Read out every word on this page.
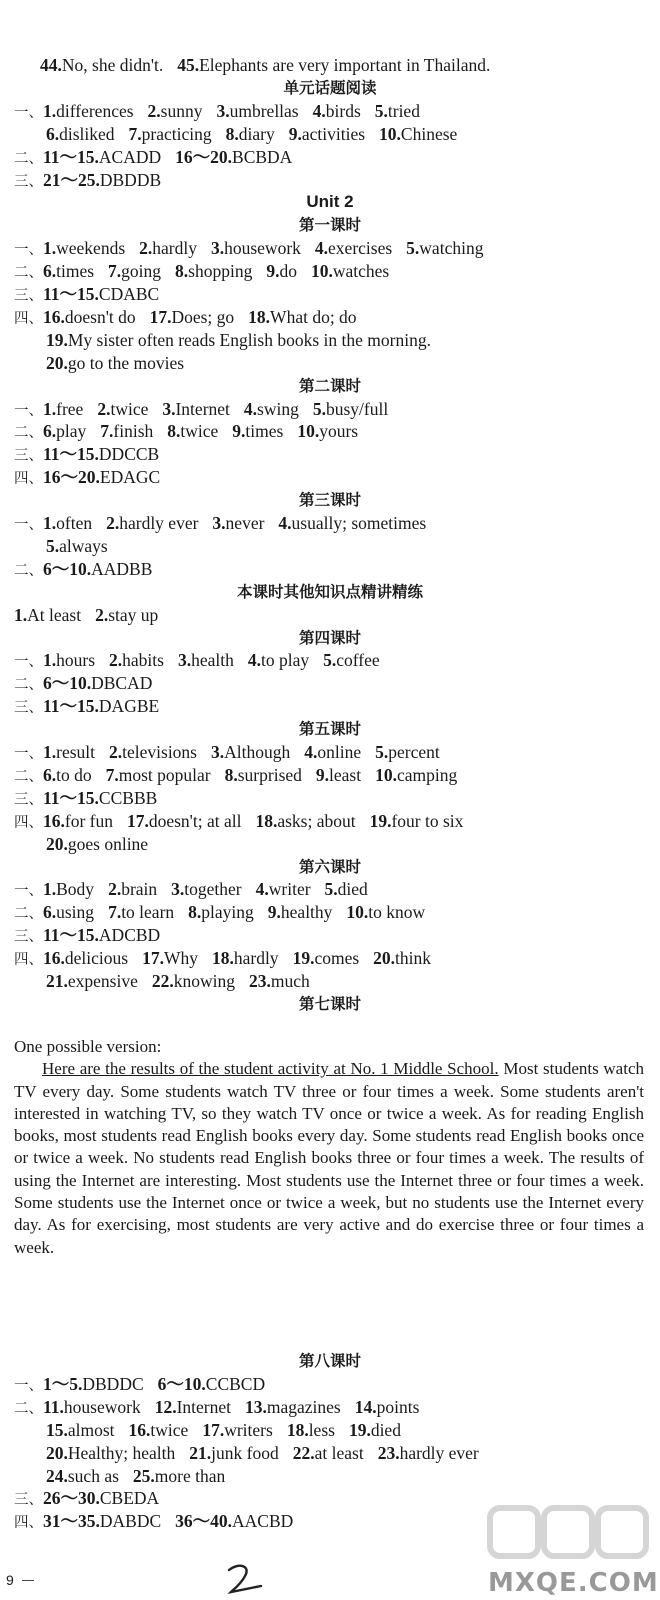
44.No, she didn't. 45.Elephants are very important in Thailand.
单元话题阅读
一、1.differences 2.sunny 3.umbrellas 4.birds 5.tried
6.disliked 7.practicing 8.diary 9.activities 10.Chinese
二、11～15.ACADD 16～20.BCBDA
三、21～25.DBDDB
Unit 2
第一课时
一、1.weekends 2.hardly 3.housework 4.exercises 5.watching
二、6.times 7.going 8.shopping 9.do 10.watches
三、11～15.CDABC
四、16.doesn't do 17.Does; go 18.What do; do
19.My sister often reads English books in the morning.
20.go to the movies
第二课时
一、1.free 2.twice 3.Internet 4.swing 5.busy/full
二、6.play 7.finish 8.twice 9.times 10.yours
三、11～15.DDCCB
四、16～20.EDAGC
第三课时
一、1.often 2.hardly ever 3.never 4.usually; sometimes
5.always
二、6～10.AADBB
本课时其他知识点精讲精练
1.At least 2.stay up
第四课时
一、1.hours 2.habits 3.health 4.to play 5.coffee
二、6～10.DBCAD
三、11～15.DAGBE
第五课时
一、1.result 2.televisions 3.Although 4.online 5.percent
二、6.to do 7.most popular 8.surprised 9.least 10.camping
三、11～15.CCBBB
四、16.for fun 17.doesn't; at all 18.asks; about 19.four to six
20.goes online
第六课时
一、1.Body 2.brain 3.together 4.writer 5.died
二、6.using 7.to learn 8.playing 9.healthy 10.to know
三、11～15.ADCBD
四、16.delicious 17.Why 18.hardly 19.comes 20.think
21.expensive 22.knowing 23.much
第七课时
One possible version:
Here are the results of the student activity at No. 1 Middle School. Most students watch TV every day. Some students watch TV three or four times a week. Some students aren't interested in watching TV, so they watch TV once or twice a week. As for reading English books, most students read English books every day. Some students read English books once or twice a week. No students read English books three or four times a week. The results of using the Internet are interesting. Most students use the Internet three or four times a week. Some students use the Internet once or twice a week, but no students use the Internet every day. As for exercising, most students are very active and do exercise three or four times a week.
第八课时
一、1～5.DBDDC 6～10.CCBCD
二、11.housework 12.Internet 13.magazines 14.points
15.almost 16.twice 17.writers 18.less 19.died
20.Healthy; health 21.junk food 22.at least 23.hardly ever
24.such as 25.more than
三、26～30.CBEDA
四、31～35.DABDC 36～40.AACBD
9	MXQE.COM
